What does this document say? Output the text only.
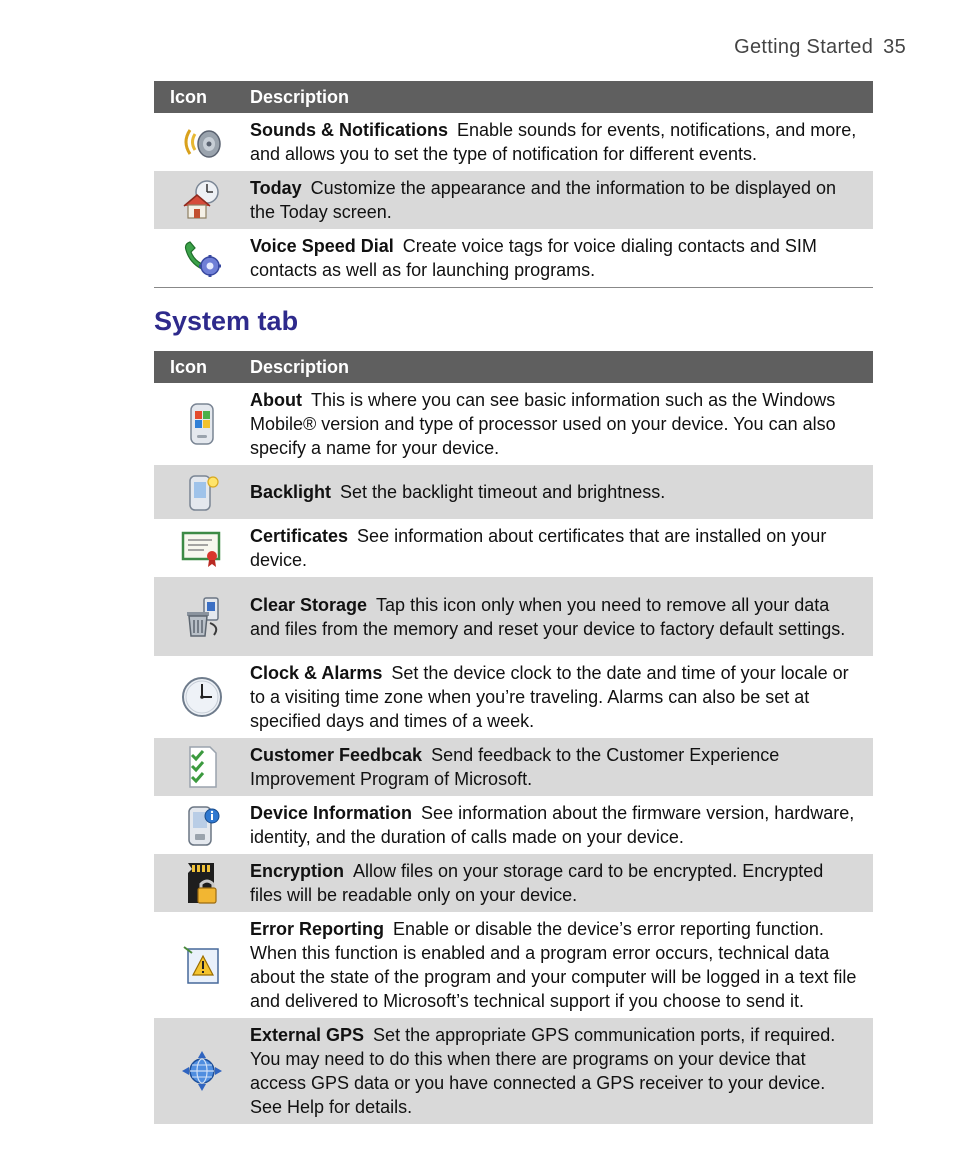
Getting Started 35
Icon	Description

	Sounds & Notifications Enable sounds for events, notifications, and more, and allows you to set the type of notification for different events.

	Today Customize the appearance and the information to be displayed on the Today screen.

	Voice Speed Dial Create voice tags for voice dialing contacts and SIM contacts as well as for launching programs.
System tab
Icon	Description

	About This is where you can see basic information such as the Windows Mobile® version and type of processor used on your device. You can also specify a name for your device.

	Backlight Set the backlight timeout and brightness.

	Certificates See information about certificates that are installed on your device.

	Clear Storage Tap this icon only when you need to remove all your data and files from the memory and reset your device to factory default settings.

	Clock & Alarms Set the device clock to the date and time of your locale or to a visiting time zone when you’re traveling. Alarms can also be set at specified days and times of a week.

	Customer Feedbcak Send feedback to the Customer Experience Improvement Program of Microsoft.

	Device Information See information about the firmware version, hardware, identity, and the duration of calls made on your device.

	Encryption Allow files on your storage card to be encrypted. Encrypted files will be readable only on your device.

	Error Reporting Enable or disable the device’s error reporting function. When this function is enabled and a program error occurs, technical data about the state of the program and your computer will be logged in a text file and delivered to Microsoft’s technical support if you choose to send it.

	External GPS Set the appropriate GPS communication ports, if required. You may need to do this when there are programs on your device that access GPS data or you have connected a GPS receiver to your device. See Help for details.
